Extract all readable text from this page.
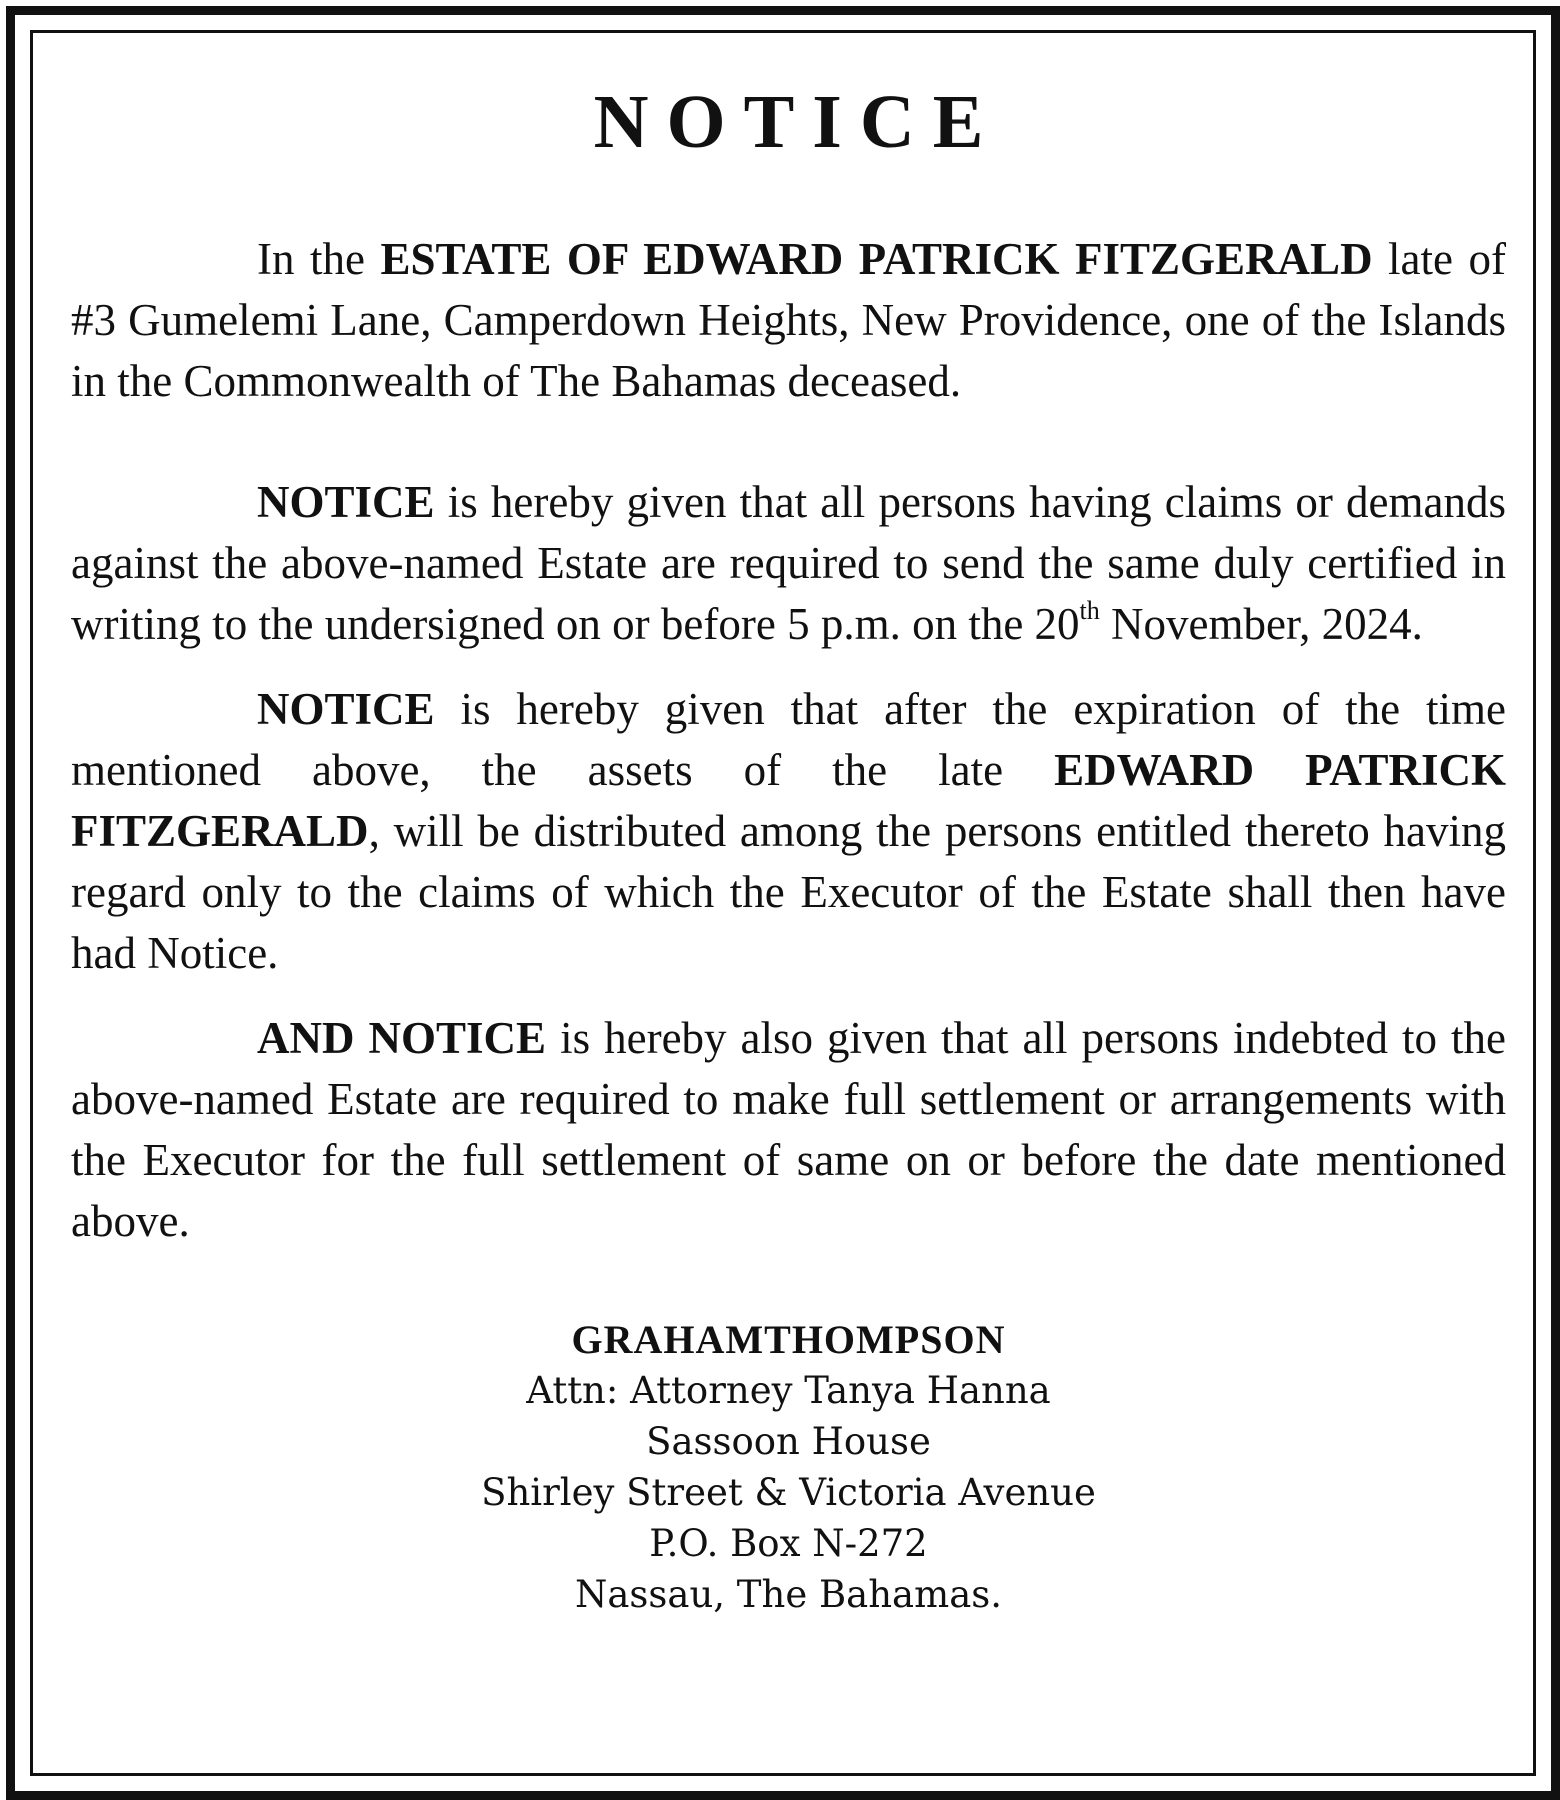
NOTICE

In the ESTATE OF EDWARD PATRICK FITZGERALD late of #3 Gumelemi Lane, Camperdown Heights, New Providence, one of the Islands in the Commonwealth of The Bahamas deceased.

NOTICE is hereby given that all persons having claims or demands against the above-named Estate are required to send the same duly certified in writing to the undersigned on or before 5 p.m. on the 20th November, 2024.

NOTICE is hereby given that after the expiration of the time mentioned above, the assets of the late EDWARD PATRICK FITZGERALD, will be distributed among the persons entitled thereto having regard only to the claims of which the Executor of the Estate shall then have had Notice.

AND NOTICE is hereby also given that all persons indebted to the above-named Estate are required to make full settlement or arrangements with the Executor for the full settlement of same on or before the date mentioned above.

GRAHAMTHOMPSON
Attn: Attorney Tanya Hanna
Sassoon House
Shirley Street & Victoria Avenue
P.O. Box N-272
Nassau, The Bahamas.
